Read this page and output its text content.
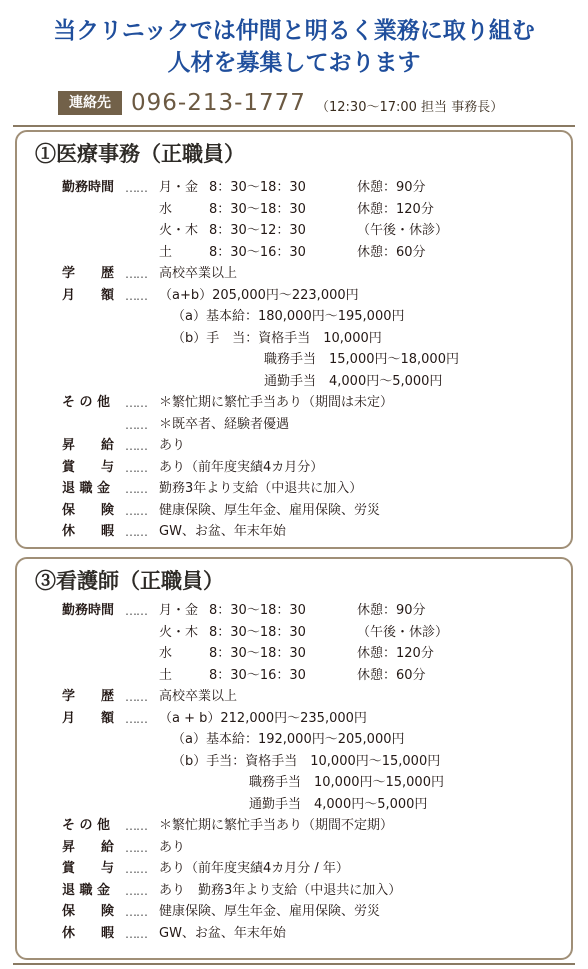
当クリニックでは仲間と明るく業務に取り組む
人材を募集しております
連絡先 096-213-1777 （12:30〜17:00 担当 事務長）
①医療事務（正職員）
勤務時間 …… 月・金 8：30〜18：30	休憩：90分
水	8：30〜18：30	休憩：120分
火・木 8：30〜12：30	（午後・休診）
土	8：30〜16：30	休憩：60分
学　　歴 …… 高校卒業以上
月　　額 …… （a+b）205,000円〜223,000円
（a）基本給：180,000円〜195,000円
（b）手　当：資格手当　10,000円
職務手当　15,000円〜18,000円
通勤手当　4,000円〜5,000円
そ の 他 …… ＊繁忙期に繁忙手当あり（期間は未定）
…… ＊既卒者、経験者優遇
昇　　給 …… あり
賞　　与 …… あり（前年度実績4カ月分）
退 職 金 …… 勤務3年より支給（中退共に加入）
保　　険 …… 健康保険、厚生年金、雇用保険、労災
休　　暇 …… GW、お盆、年末年始
③看護師（正職員）
勤務時間 …… 月・金 8：30〜18：30	休憩：90分
火・木 8：30〜18：30	（午後・休診）
水	8：30〜18：30	休憩：120分
土	8：30〜16：30	休憩：60分
学　　歴 …… 高校卒業以上
月　　額 …… （a + b）212,000円〜235,000円
（a）基本給：192,000円〜205,000円
（b）手当：資格手当　10,000円〜15,000円
職務手当　10,000円〜15,000円
通勤手当　4,000円〜5,000円
そ の 他 …… ＊繁忙期に繁忙手当あり（期間不定期）
昇　　給 …… あり
賞　　与 …… あり（前年度実績4カ月分 / 年）
退 職 金 …… あり　勤務3年より支給（中退共に加入）
保　　険 …… 健康保険、厚生年金、雇用保険、労災
休　　暇 …… GW、お盆、年末年始
